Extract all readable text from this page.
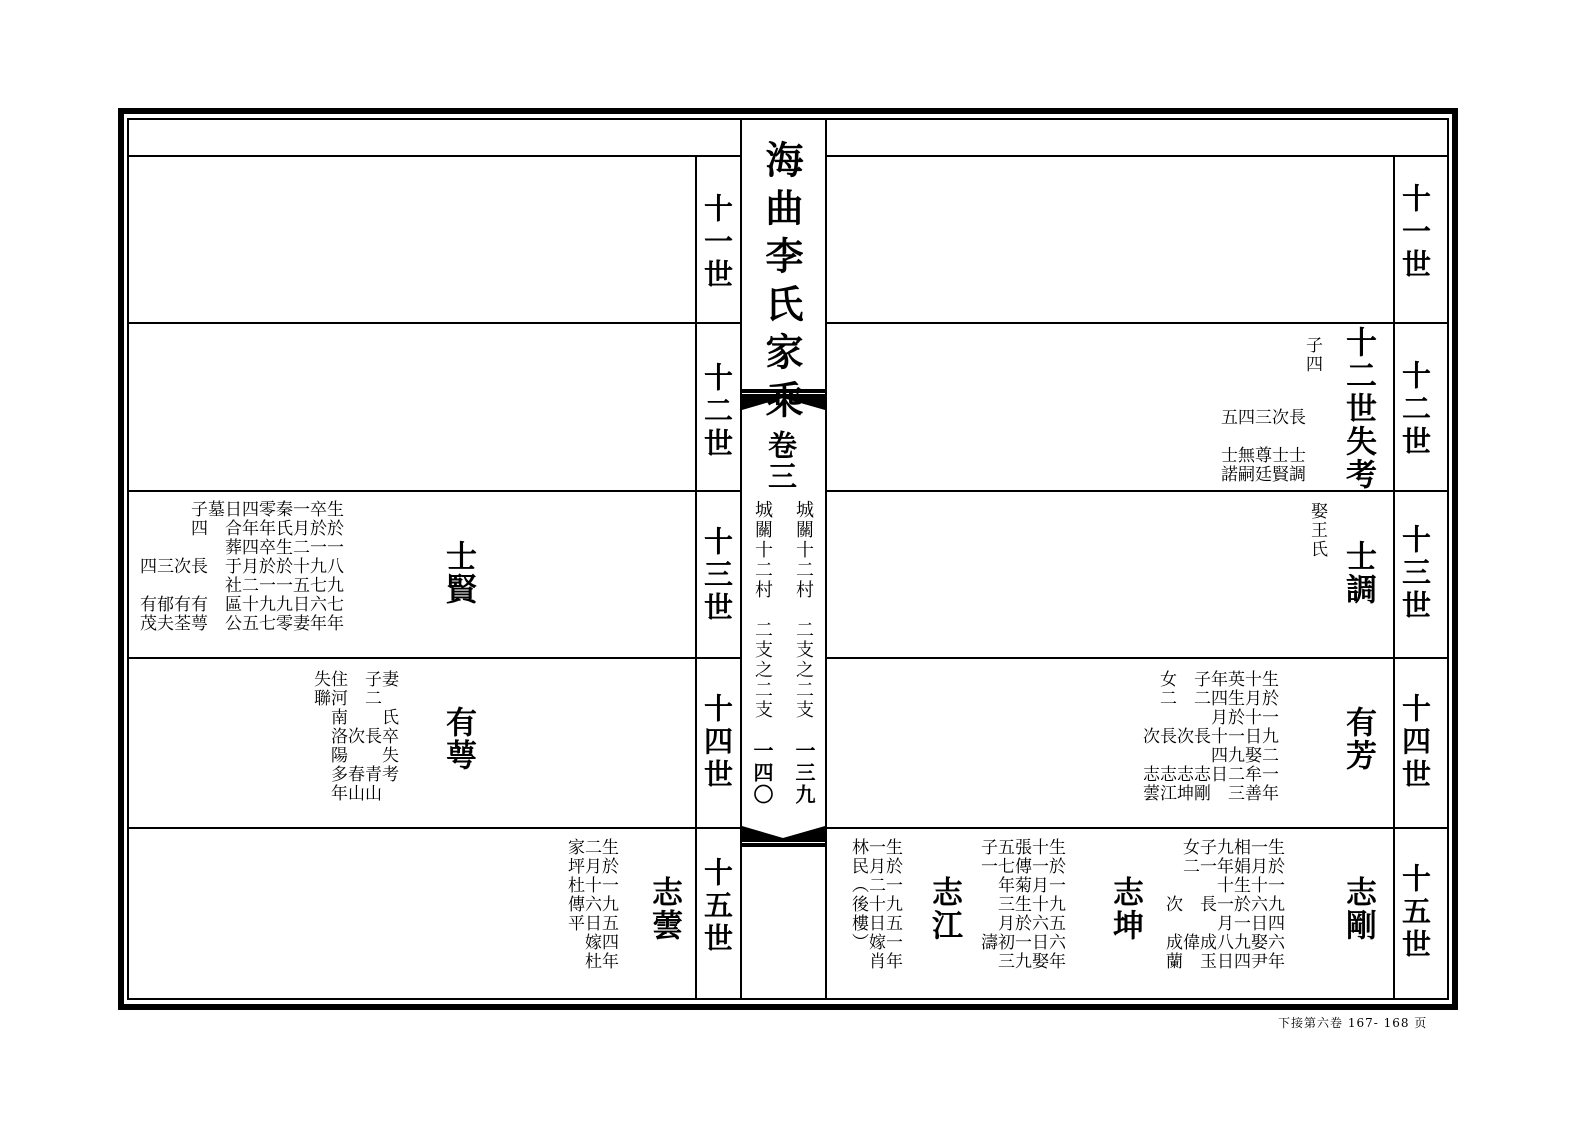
海曲李氏家乘
卷三
城關十二村　二支之二支
城關十二村　二支之二支
一三九
一四〇
十一世
十二世
十三世
十四世
十五世
十一世
十二世
十三世
十四世
十五世
十二世失考

子四

長　士調

次　士賢

三　尊廷

四　無嗣

五　士諾

士調

娶王氏

有芳

生於一九二一年

十月十日娶牟善

英生於一九二三

年四月十四日

子二　長　志剛

　　　次　志坤

女二　長　志江

　　　次　志蕓

志剛

生於一九四六年

一月十六日娶尹

相娟生於一九四

九年十一月八日

子一　長　成玉

女二　　　偉

　　　次　成蘭

志坤

生於一九五六年

十一月十六日娶

張傳菊生於一九

五七年三月初三

子一　　　濤

志江

生於一九五一年

一月二十日嫁肖

林民（後樓）

士賢

生於一八九七年

卒於一九七六年

一月二十五日妻

秦氏生於一九零

零年卒於一九七

四年四月二十五

日合葬于社區公

墓

子四　長　有萼

　　　次　有荃

　　　三　郁夫

　　　四　有茂

有萼

妻　氏卒失考

子二　長　青山

　　　次　春山

住河南洛陽多年

失聯

志蕓

生於一九五四年

二月十六日嫁杜

家坪杜傳平

下接第六卷 167- 168 页
